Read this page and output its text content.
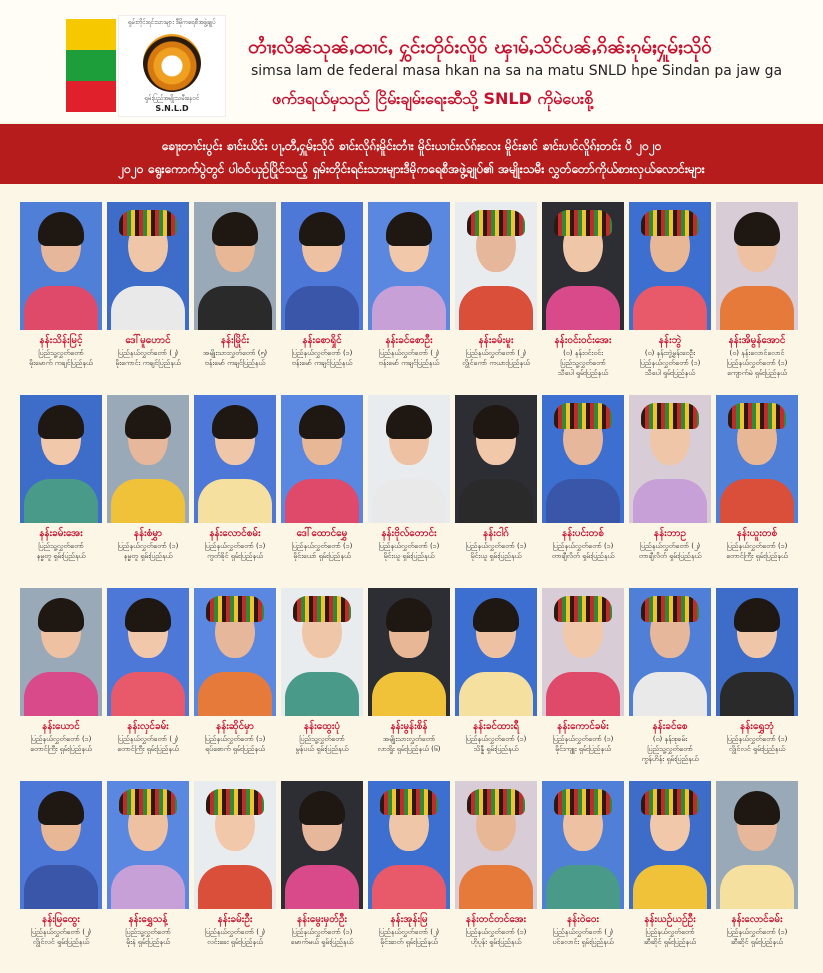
ရှမ်းတိုင်းရင်းသားများ ဒီမိုကရေစီအဖွဲ့ချုပ်
ရှမ်းပြည်အမျိုးသမီးနေဝင်
S.N.L.D
တၢႆႈလိၼ်သုၼ်ႇထၢင်ႇ ႁွင်းတိုဝ်းလိူဝ် ၾၢမ်ႇသိင်ပၼ်ႇၵိၼ်းၵုမ်ႈႁူမ်ႈသိုဝ်
simsa lam de federal masa hkan na sa na matu SNLD hpe Sindan pa jaw ga
ဖက်ဒရယ်မှသည် ငြိမ်းချမ်းရေးဆီသို့ SNLD ကိုမဲပေးစို့
ၶေႃႈတၢင်းပွင်း ၶၢင်းယိင်း ပႃႇတီႇႁူမ်ႈသိုဝ် ၶၢင်းလိုၵ်ႈမိူင်းတၢႆး မိူင်းယၢင်းလ်ၵ်ႈလႄး မိူင်းၶၢင် ၶၢင်းပၢင်လိူၵ်ႈတင်း ပီ ၂၀၂၀
၂၀၂၀ ရွေးကောက်ပွဲတွင် ပါဝင်ယှဉ်ပြိုင်သည့် ရှမ်းတိုင်းရင်းသားများဒီမိုကရေစီအဖွဲ့ချုပ်၏ အမျိုးသမီး လွှတ်တော်ကိုယ်စားလှယ်လောင်းများ
နန်းသိန်းမြင့်
ပြည်သူ့လွှတ်တော်
မိုးမောက် ကချင်ပြည်နယ်
ဒေါ်မူဟောင်
ပြည်နယ်လွှတ်တော် (၂)
မိုးကောင်း ကချင်ပြည်နယ်
နန်းမြိုင်း
အမျိုးသားလွှတ်တော် (၅)
ဗန်းမော် ကချင်ပြည်နယ်
နန်းစောရှိုင်
ပြည်နယ်လွှတ်တော် (၁)
ဗန်းမော် ကချင်ပြည်နယ်
နန်းခင်စောဦး
ပြည်နယ်လွှတ်တော် (၂)
ဗန်းမော် ကချင်ပြည်နယ်
နန်းခမ်းမူး
ပြည်နယ်လွှတ်တော် (၂)
လွိုင်ကော် ကယားပြည်နယ်
နန်းဝင်းဝင်းအေး
(၀) နန်းဝင်းဝင်း
ပြည်သူ့လွှတ်တော်
သီပေါ ရှမ်းပြည်နယ်
နန်းဘွဲ
(၀) နန်းဘွဲ့မွန်းဝေဦး
ပြည်နယ်လွှတ်တော် (၁)
သီပေါ ရှမ်းပြည်နယ်
နန်းအိမွန်အောင်
(၀) နန်းလောင်လောင်
ပြည်နယ်လွှတ်တော် (၁)
ကျောက်မဲ ရှမ်းပြည်နယ်
နန်းခမ်းအေး
ပြည်သူ့လွှတ်တော်
နမ္မတူ ရှမ်းပြည်နယ်
နန်းစံမွှာ
ပြည်နယ်လွှတ်တော် (၁)
နမ္မတူ ရှမ်းပြည်နယ်
နန်းလောင်စမ်း
ပြည်နယ်လွှတ်တော် (၁)
ကွတ်ခိုင် ရှမ်းပြည်နယ်
ဒေါ်ထောင်မွှေ
ပြည်နယ်လွှတ်တော် (၁)
မိုင်းယော် ရှမ်းပြည်နယ်
နန်းဗိုလ်တောင်း
ပြည်နယ်လွှတ်တော် (၁)
မိုင်းယူ ရှမ်းပြည်နယ်
နန်းငါဂ်
ပြည်နယ်လွှတ်တော် (၁)
မိုင်းယူ ရှမ်းပြည်နယ်
နန်းပင်းတစ်
ပြည်နယ်လွှတ်တော် (၁)
တာချီလိတ် ရှမ်းပြည်နယ်
နန်းဘာဥ
ပြည်နယ်လွှတ်တော် (၂)
တာချီလိတ် ရှမ်းပြည်နယ်
နန်းယူးတစ်
ပြည်နယ်လွှတ်တော် (၁)
တောင်ကြီး ရှမ်းပြည်နယ်
နန်းယောင်
ပြည်နယ်လွှတ်တော် (၁)
တောင်ကြီး ရှမ်းပြည်နယ်
နန်းလှင်ခမ်း
ပြည်နယ်လွှတ်တော် (၂)
တောင်ကြီး ရှမ်းပြည်နယ်
နန်းဆိုင်မှာ
ပြည်နယ်လွှတ်တော် (၁)
ရပ်စောက် ရှမ်းပြည်နယ်
နန်းထွေးပုံ
ပြည်သူ့လွှတ်တော်
မွန်ပယ် ရှမ်းပြည်နယ်
နန်းမွန်းစိန်
အမျိုးသားလွှတ်တော်
လားရှိုး ရှမ်းပြည်နယ် (၆)
နန်းခင်ထားရီ
ပြည်နယ်လွှတ်တော် (၁)
သိန္နီ ရှမ်းပြည်နယ်
နန်းကောင်ခမ်း
ပြည်နယ်လွှတ်တော် (၁)
မိုင်းကျူး ရှမ်းပြည်နယ်
နန်းခင်စေ
(၀) နန်းစုခမ်း
ပြည်သူ့လွှတ်တော်
ကွန်ဟိန်း ရှမ်းပြည်နယ်
နန်းရွှေဘုံ
ပြည်နယ်လွှတ်တော် (၁)
လွိုင်လင် ရှမ်းပြည်နယ်
နန်းမြထွေး
ပြည်နယ်လွှတ်တော် (၂)
လွိုင်လင် ရှမ်းပြည်နယ်
နန်းရွှေသန့်
ပြည်သူ့လွှတ်တော်
မိုးနဲ ရှမ်းပြည်နယ်
နန်းခမ်းဦး
ပြည်နယ်လွှတ်တော် (၂)
လင်းခေး ရှမ်းပြည်နယ်
နန်းမွေးမှတ်ဦး
ပြည်နယ်လွှတ်တော် (၁)
မောက်မယ် ရှမ်းပြည်နယ်
နန်းအုန်းမြ
ပြည်နယ်လွှတ်တော် (၂)
မိုင်းဆတ် ရှမ်းပြည်နယ်
နန်းတင်တင်အေး
ပြည်နယ်လွှတ်တော် (၁)
ဟိုပုန်း ရှမ်းပြည်နယ်
နန်းဝဲဝေး
ပြည်နယ်လွှတ်တော် (၂)
ပင်လောင်း ရှမ်းပြည်နယ်
နန်းယဉ်ယဉ်ဦး
ပြည်နယ်လွှတ်တော်
ဆီဆိုင် ရှမ်းပြည်နယ်
နန်းလောင်ခမ်း
ပြည်နယ်လွှတ်တော် (၁)
ဆီဆိုင် ရှမ်းပြည်နယ်
